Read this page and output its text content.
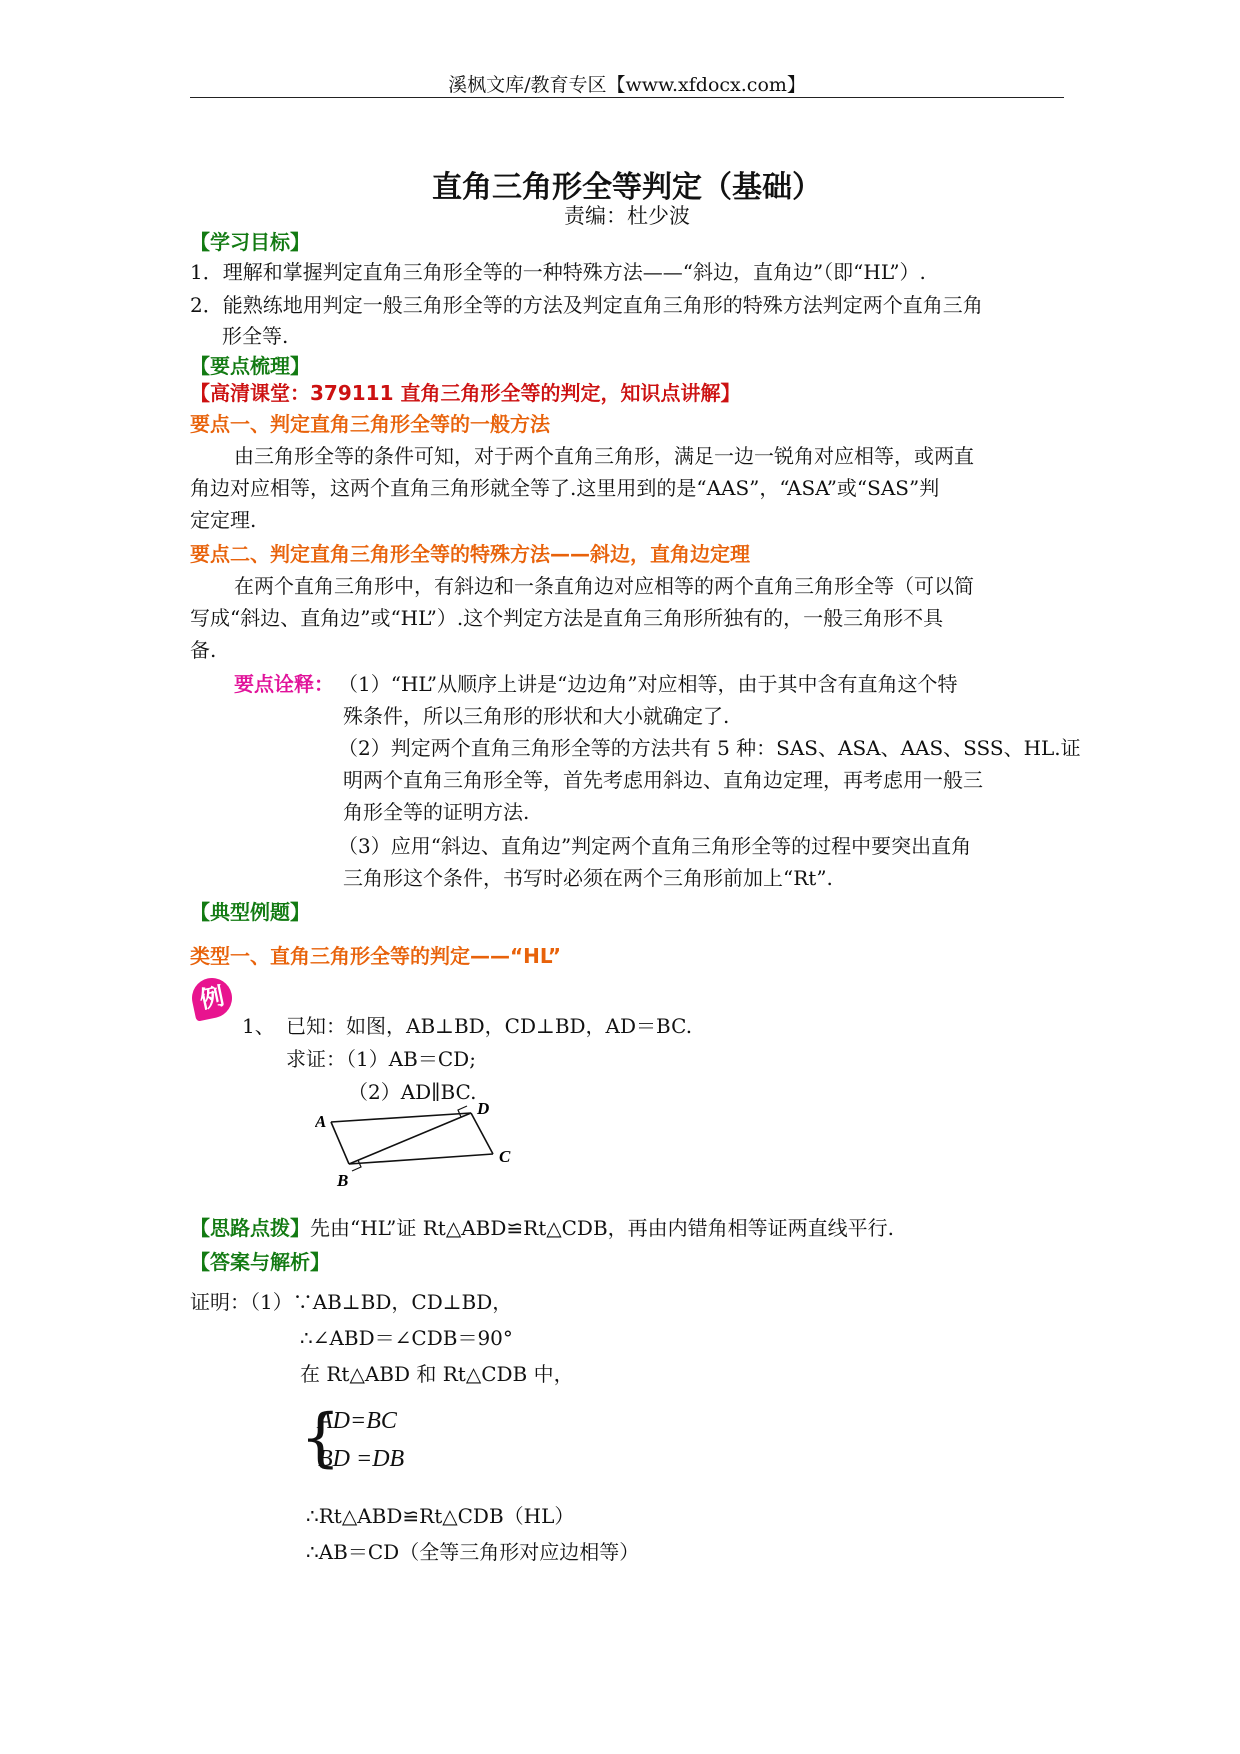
溪枫文库/教育专区【www.xfdocx.com】
直角三角形全等判定（基础）
责编：杜少波
【学习目标】
1．理解和掌握判定直角三角形全等的一种特殊方法——“斜边，直角边”（即“HL”）.
2．能熟练地用判定一般三角形全等的方法及判定直角三角形的特殊方法判定两个直角三角
形全等.
【要点梳理】
【高清课堂：379111 直角三角形全等的判定，知识点讲解】
要点一、判定直角三角形全等的一般方法
由三角形全等的条件可知，对于两个直角三角形，满足一边一锐角对应相等，或两直
角边对应相等，这两个直角三角形就全等了.这里用到的是“AAS”，“ASA”或“SAS”判
定定理.
要点二、判定直角三角形全等的特殊方法——斜边，直角边定理
在两个直角三角形中，有斜边和一条直角边对应相等的两个直角三角形全等（可以简
写成“斜边、直角边”或“HL”）.这个判定方法是直角三角形所独有的，一般三角形不具
备.
要点诠释： （1）“HL”从顺序上讲是“边边角”对应相等，由于其中含有直角这个特
殊条件，所以三角形的形状和大小就确定了.
（2）判定两个直角三角形全等的方法共有 5 种：SAS、ASA、AAS、SSS、HL.证
明两个直角三角形全等，首先考虑用斜边、直角边定理，再考虑用一般三
角形全等的证明方法.
（3）应用“斜边、直角边”判定两个直角三角形全等的过程中要突出直角
三角形这个条件，书写时必须在两个三角形前加上“Rt”.
【典型例题】
类型一、直角三角形全等的判定——“HL”
例
1、 已知：如图，AB⊥BD，CD⊥BD，AD＝BC.
求证：（1）AB＝CD;
（2）AD∥BC.
A
B
C
D
【思路点拨】先由“HL”证 Rt△ABD≌Rt△CDB，再由内错角相等证两直线平行.
【答案与解析】
证明：（1）∵AB⊥BD，CD⊥BD，
∴∠ABD＝∠CDB＝90°
在 Rt△ABD 和 Rt△CDB 中，
{
AD=BC
BD =DB
∴Rt△ABD≌Rt△CDB（HL）
∴AB＝CD（全等三角形对应边相等）
